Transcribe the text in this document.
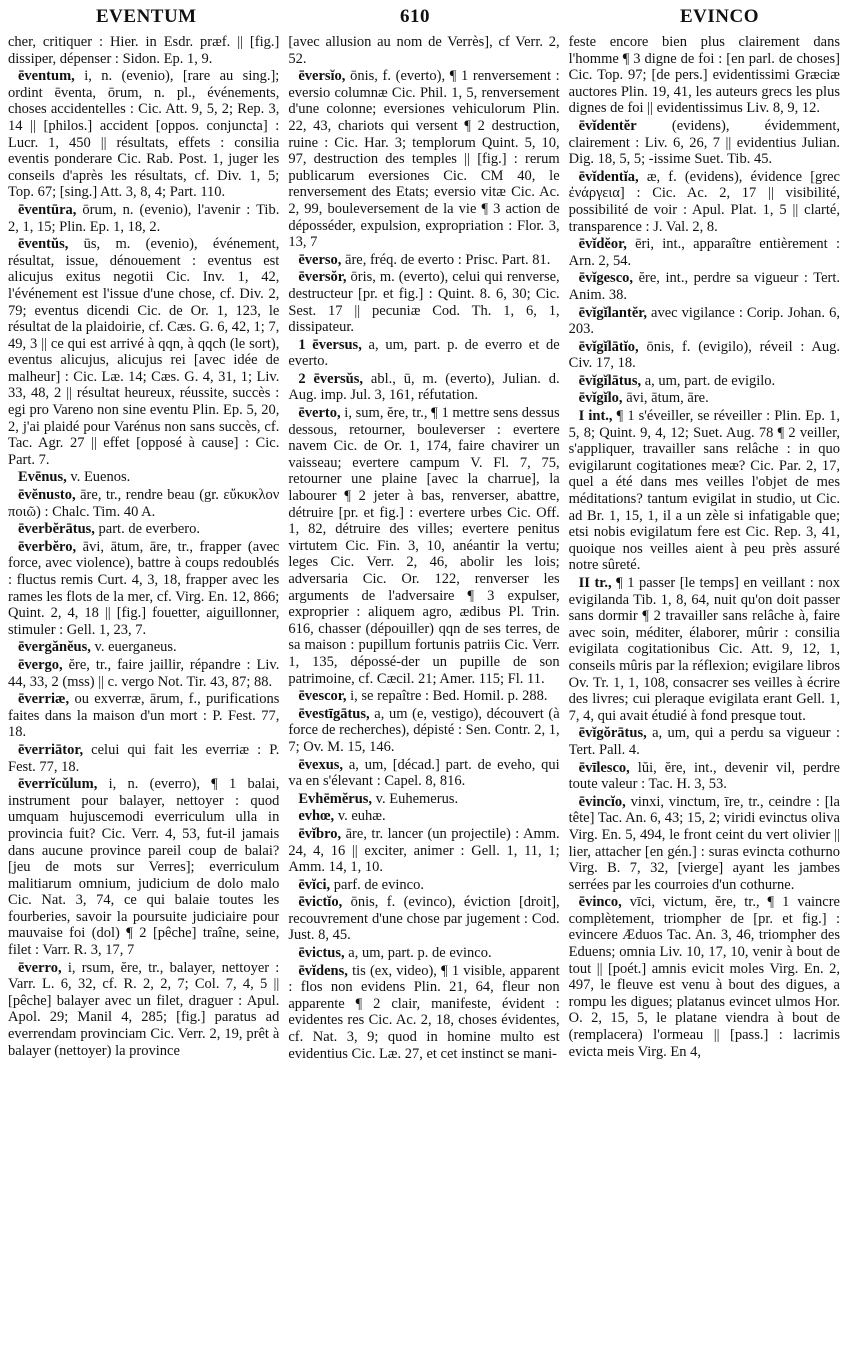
EVENTUM	610	EVINCO

cher, critiquer : Hier. in Esdr. præf. || [fig.] dissiper, dépenser : Sidon. Ep. 1, 9.

ēventum, i, n. (evenio), [rare au sing.]; ordint ēventa, ōrum, n. pl., événements, choses accidentelles : Cic. Att. 9, 5, 2; Rep. 3, 14 || [philos.] accident [oppos. conjuncta] : Lucr. 1, 450 || résultats, effets : consilia eventis ponderare Cic. Rab. Post. 1, juger les conseils d'après les résultats, cf. Div. 1, 5; Top. 67; [sing.] Att. 3, 8, 4; Part. 110.

ēventūra, ōrum, n. (evenio), l'avenir : Tib. 2, 1, 15; Plin. Ep. 1, 18, 2.

ēventŭs, ūs, m. (evenio), événement, résultat, issue, dénouement : eventus est alicujus exitus negotii Cic. Inv. 1, 42, l'événement est l'issue d'une chose, cf. Div. 2, 79; eventus dicendi Cic. de Or. 1, 123, le résultat de la plaidoirie, cf. Cæs. G. 6, 42, 1; 7, 49, 3 || ce qui est arrivé à qqn, à qqch (le sort), eventus alicujus, alicujus rei [avec idée de malheur] : Cic. Læ. 14; Cæs. G. 4, 31, 1; Liv. 33, 48, 2 || résultat heureux, réussite, succès : egi pro Vareno non sine eventu Plin. Ep. 5, 20, 2, j'ai plaidé pour Varénus non sans succès, cf. Tac. Agr. 27 || effet [opposé à cause] : Cic. Part. 7.

Evēnus, v. Euenos.

ēvĕnusto, āre, tr., rendre beau (gr. εὔκυκλον ποιῶ) : Chalc. Tim. 40 A.

ēverbĕrātus, part. de everbero.

ēverbĕro, āvi, ātum, āre, tr., frapper (avec force, avec violence), battre à coups redoublés : fluctus remis Curt. 4, 3, 18, frapper avec les rames les flots de la mer, cf. Virg. En. 12, 866; Quint. 2, 4, 18 || [fig.] fouetter, aiguillonner, stimuler : Gell. 1, 23, 7.

ēvergănĕus, v. euerganeus.

ēvergo, ĕre, tr., faire jaillir, répandre : Liv. 44, 33, 2 (mss) || c. vergo Not. Tir. 43, 87; 88.

ēverriæ, ou exverræ, ārum, f., purifications faites dans la maison d'un mort : P. Fest. 77, 18.

ēverriātor, celui qui fait les everriæ : P. Fest. 77, 18.

ēverrĭcŭlum, i, n. (everro), ¶ 1 balai, instrument pour balayer, nettoyer : quod umquam hujuscemodi everriculum ulla in provincia fuit? Cic. Verr. 4, 53, fut-il jamais dans aucune province pareil coup de balai? [jeu de mots sur Verres]; everriculum malitiarum omnium, judicium de dolo malo Cic. Nat. 3, 74, ce qui balaie toutes les fourberies, savoir la poursuite judiciaire pour mauvaise foi (dol) ¶ 2 [pêche] traîne, seine, filet : Varr. R. 3, 17, 7

ēverro, i, rsum, ĕre, tr., balayer, nettoyer : Varr. L. 6, 32, cf. R. 2, 2, 7; Col. 7, 4, 5 || [pêche] balayer avec un filet, draguer : Apul. Apol. 29; Manil 4, 285; [fig.] paratus ad everrendam provinciam Cic. Verr. 2, 19, prêt à balayer (nettoyer) la province

[avec allusion au nom de Verrès], cf Verr. 2, 52.

ēversĭo, ōnis, f. (everto), ¶ 1 renversement : eversio columnæ Cic. Phil. 1, 5, renversement d'une colonne; eversiones vehiculorum Plin. 22, 43, chariots qui versent ¶ 2 destruction, ruine : Cic. Har. 3; templorum Quint. 5, 10, 97, destruction des temples || [fig.] : rerum publicarum eversiones Cic. CM 40, le renversement des Etats; eversio vitæ Cic. Ac. 2, 99, bouleversement de la vie ¶ 3 action de déposséder, expulsion, expropriation : Flor. 3, 13, 7

ēverso, āre, fréq. de everto : Prisc. Part. 81.

ēversŏr, ōris, m. (everto), celui qui renverse, destructeur [pr. et fig.] : Quint. 8. 6, 30; Cic. Sest. 17 || pecuniæ Cod. Th. 1, 6, 1, dissipateur.

1 ēversus, a, um, part. p. de everro et de everto.

2 ēversŭs, abl., ū, m. (everto), Julian. d. Aug. imp. Jul. 3, 161, réfutation.

ēverto, i, sum, ĕre, tr., ¶ 1 mettre sens dessus dessous, retourner, bouleverser : evertere navem Cic. de Or. 1, 174, faire chavirer un vaisseau; evertere campum V. Fl. 7, 75, retourner une plaine [avec la charrue], la labourer ¶ 2 jeter à bas, renverser, abattre, détruire [pr. et fig.] : evertere urbes Cic. Off. 1, 82, détruire des villes; evertere penitus virtutem Cic. Fin. 3, 10, anéantir la vertu; leges Cic. Verr. 2, 46, abolir les lois; adversaria Cic. Or. 122, renverser les arguments de l'adversaire ¶ 3 expulser, exproprier : aliquem agro, ædibus Pl. Trin. 616, chasser (dépouiller) qqn de ses terres, de sa maison : pupillum fortunis patriis Cic. Verr. 1, 135, dépossé-der un pupille de son patrimoine, cf. Cæcil. 21; Amer. 115; Fl. 11.

ēvescor, i, se repaître : Bed. Homil. p. 288.

ēvestīgātus, a, um (e, vestigo), découvert (à force de recherches), dépisté : Sen. Contr. 2, 1, 7; Ov. M. 15, 146.

ēvexus, a, um, [décad.] part. de eveho, qui va en s'élevant : Capel. 8, 816.

Evhēmĕrus, v. Euhemerus.

evhœ, v. euhæ.

ēvĭbro, āre, tr. lancer (un projectile) : Amm. 24, 4, 16 || exciter, animer : Gell. 1, 11, 1; Amm. 14, 1, 10.

ēvĭci, parf. de evinco.

ēvictĭo, ōnis, f. (evinco), éviction [droit], recouvrement d'une chose par jugement : Cod. Just. 8, 45.

ēvictus, a, um, part. p. de evinco.

ēvĭdens, tis (ex, video), ¶ 1 visible, apparent : flos non evidens Plin. 21, 64, fleur non apparente ¶ 2 clair, manifeste, évident : evidentes res Cic. Ac. 2, 18, choses évidentes, cf. Nat. 3, 9; quod in homine multo est evidentius Cic. Læ. 27, et cet instinct se mani-

feste encore bien plus clairement dans l'homme ¶ 3 digne de foi : [en parl. de choses] Cic. Top. 97; [de pers.] evidentissimi Græciæ auctores Plin. 19, 41, les auteurs grecs les plus dignes de foi || evidentissimus Liv. 8, 9, 12.

ēvĭdentĕr (evidens), évidemment, clairement : Liv. 6, 26, 7 || evidentius Julian. Dig. 18, 5, 5; -issime Suet. Tib. 45.

ēvĭdentĭa, æ, f. (evidens), évidence [grec ἐνάργεια] : Cic. Ac. 2, 17 || visibilité, possibilité de voir : Apul. Plat. 1, 5 || clarté, transparence : J. Val. 2, 8.

ēvĭdĕor, ēri, int., apparaître entièrement : Arn. 2, 54.

ēvĭgesco, ĕre, int., perdre sa vigueur : Tert. Anim. 38.

ēvĭgĭlantĕr, avec vigilance : Corip. Johan. 6, 203.

ēvĭgĭlātĭo, ōnis, f. (evigilo), réveil : Aug. Civ. 17, 18.

ēvĭgĭlātus, a, um, part. de evigilo.

ēvĭgĭlo, āvi, ātum, āre.

I int., ¶ 1 s'éveiller, se réveiller : Plin. Ep. 1, 5, 8; Quint. 9, 4, 12; Suet. Aug. 78 ¶ 2 veiller, s'appliquer, travailler sans relâche : in quo evigilarunt cogitationes meæ? Cic. Par. 2, 17, quel a été dans mes veilles l'objet de mes méditations? tantum evigilat in studio, ut Cic. ad Br. 1, 15, 1, il a un zèle si infatigable que; etsi nobis evigilatum fere est Cic. Rep. 3, 41, quoique nos veilles aient à peu près assuré notre sûreté.

II tr., ¶ 1 passer [le temps] en veillant : nox evigilanda Tib. 1, 8, 64, nuit qu'on doit passer sans dormir ¶ 2 travailler sans relâche à, faire avec soin, méditer, élaborer, mûrir : consilia evigilata cogitationibus Cic. Att. 9, 12, 1, conseils mûris par la réflexion; evigilare libros Ov. Tr. 1, 1, 108, consacrer ses veilles à écrire des livres; cui pleraque evigilata erant Gell. 1, 7, 4, qui avait étudié à fond presque tout.

ēvĭgŏrātus, a, um, qui a perdu sa vigueur : Tert. Pall. 4.

ēvīlesco, lŭi, ĕre, int., devenir vil, perdre toute valeur : Tac. H. 3, 53.

ēvincĭo, vinxi, vinctum, īre, tr., ceindre : [la tête] Tac. An. 6, 43; 15, 2; viridi evinctus oliva Virg. En. 5, 494, le front ceint du vert olivier || lier, attacher [en gén.] : suras evincta cothurno Virg. B. 7, 32, [vierge] ayant les jambes serrées par les courroies d'un cothurne.

ēvinco, vīci, victum, ĕre, tr., ¶ 1 vaincre complètement, triompher de [pr. et fig.] : evincere Æduos Tac. An. 3, 46, triompher des Eduens; omnia Liv. 10, 17, 10, venir à bout de tout || [poét.] amnis evicit moles Virg. En. 2, 497, le fleuve est venu à bout des digues, a rompu les digues; platanus evincet ulmos Hor. O. 2, 15, 5, le platane viendra à bout de (remplacera) l'ormeau || [pass.] : lacrimis evicta meis Virg. En 4,
